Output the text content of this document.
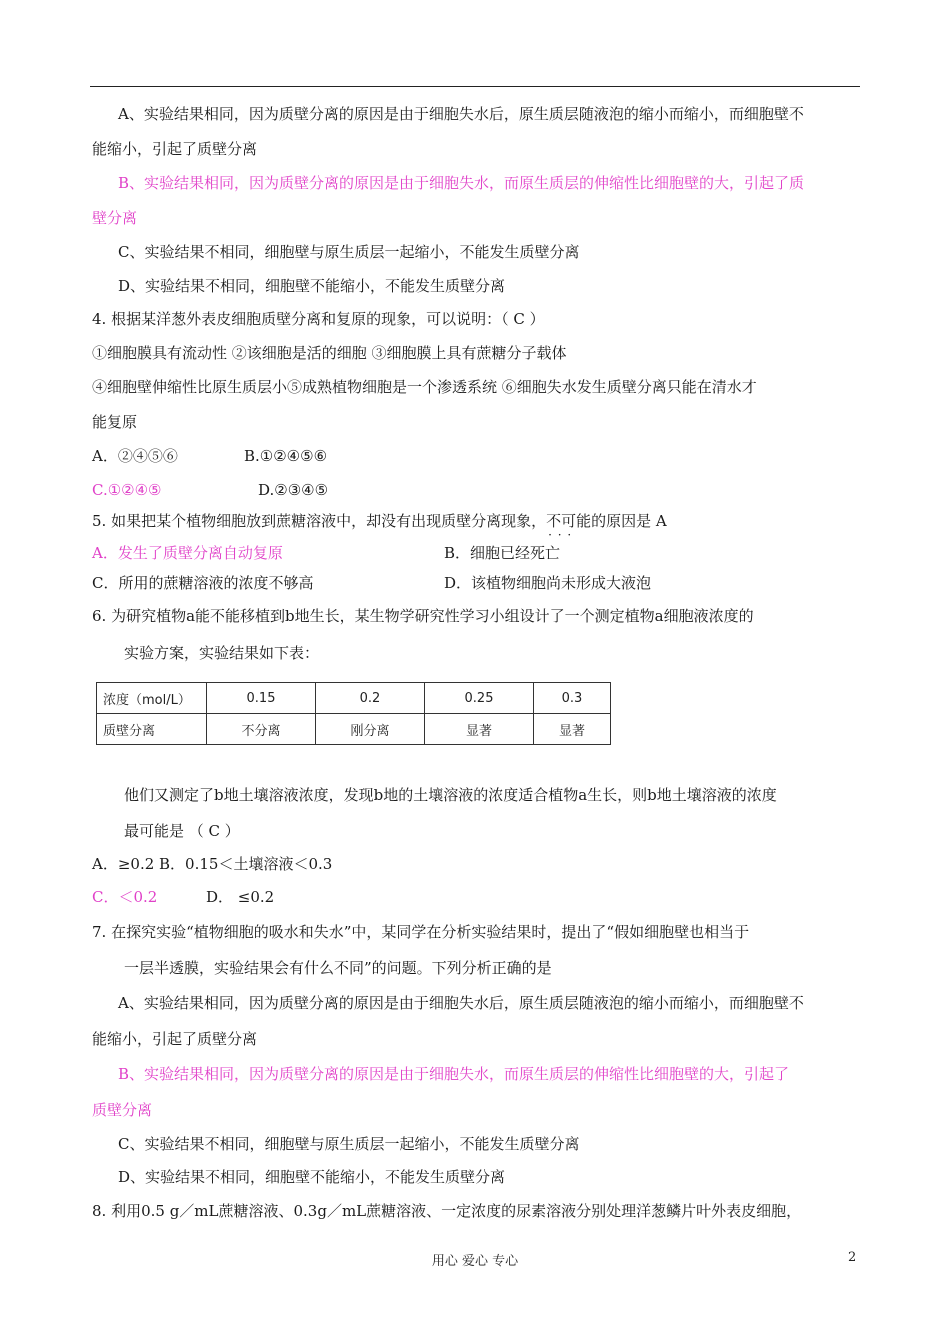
A、实验结果相同，因为质壁分离的原因是由于细胞失水后，原生质层随液泡的缩小而缩小，而细胞壁不
能缩小，引起了质壁分离
B、实验结果相同，因为质壁分离的原因是由于细胞失水，而原生质层的伸缩性比细胞壁的大，引起了质
壁分离
C、实验结果不相同，细胞壁与原生质层一起缩小，不能发生质壁分离
D、实验结果不相同，细胞壁不能缩小，不能发生质壁分离
4. 根据某洋葱外表皮细胞质壁分离和复原的现象，可以说明：（ C ）
①细胞膜具有流动性 ②该细胞是活的细胞 ③细胞膜上具有蔗糖分子载体
④细胞壁伸缩性比原生质层小⑤成熟植物细胞是一个渗透系统 ⑥细胞失水发生质壁分离只能在清水才
能复原
A．②④⑤⑥	B.①②④⑤⑥
C.①②④⑤	D.②③④⑤
5. 如果把某个植物细胞放到蔗糖溶液中，却没有出现质壁分离现象，不可能 · · ·的原因是 A
A．发生了质壁分离自动复原	B．细胞已经死亡
C．所用的蔗糖溶液的浓度不够高	D．该植物细胞尚未形成大液泡
6. 为研究植物a能不能移植到b地生长，某生物学研究性学习小组设计了一个测定植物a细胞液浓度的
实验方案，实验结果如下表：
浓度（mol/L）	0.15	0.2	0.25	0.3
质壁分离	不分离	刚分离	显著	显著
他们又测定了b地土壤溶液浓度，发现b地的土壤溶液的浓度适合植物a生长，则b地土壤溶液的浓度
最可能是 （ C ）
A．≥0.2 B．0.15＜土壤溶液＜0.3
C．＜0.2	D． ≤0.2
7. 在探究实验“植物细胞的吸水和失水”中，某同学在分析实验结果时，提出了“假如细胞壁也相当于
一层半透膜，实验结果会有什么不同”的问题。下列分析正确的是
A、实验结果相同，因为质壁分离的原因是由于细胞失水后，原生质层随液泡的缩小而缩小，而细胞壁不
能缩小，引起了质壁分离
B、实验结果相同，因为质壁分离的原因是由于细胞失水，而原生质层的伸缩性比细胞壁的大，引起了
质壁分离
C、实验结果不相同，细胞壁与原生质层一起缩小，不能发生质壁分离
D、实验结果不相同，细胞壁不能缩小，不能发生质壁分离
8. 利用0.5 g／mL蔗糖溶液、0.3g／mL蔗糖溶液、一定浓度的尿素溶液分别处理洋葱鳞片叶外表皮细胞，
用心 爱心 专心	2
